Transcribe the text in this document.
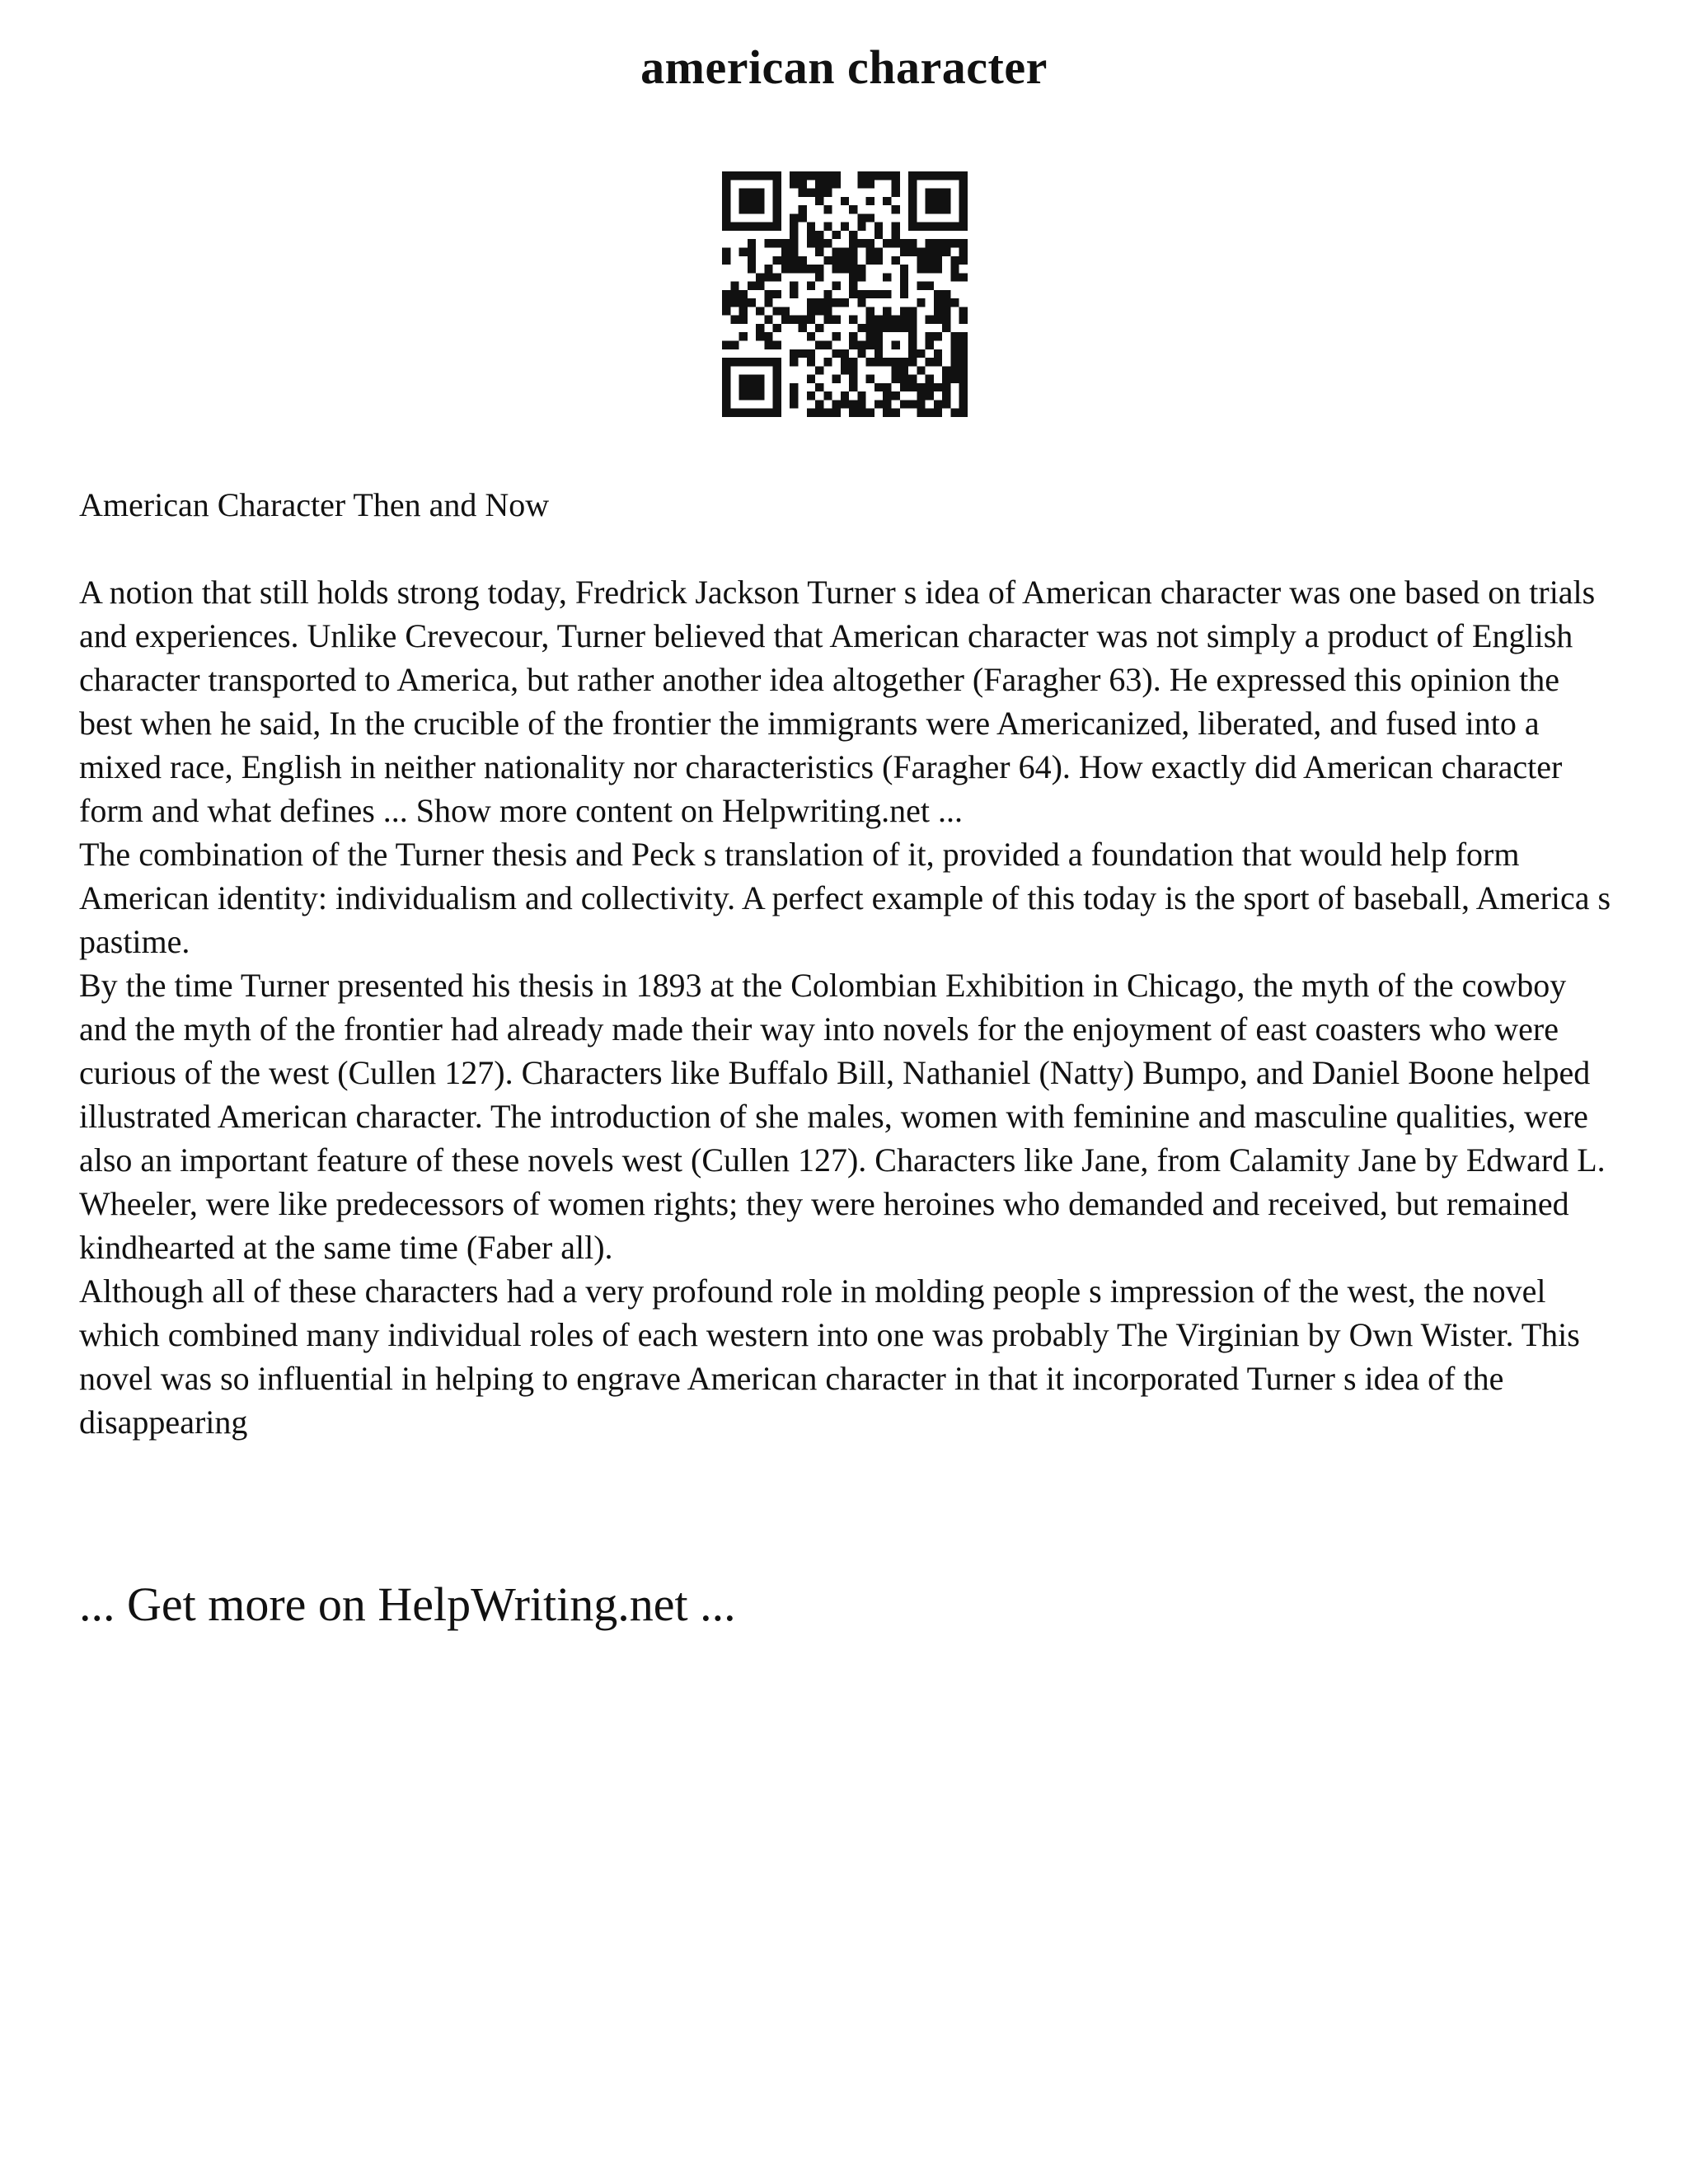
american character

American Character Then and Now

A notion that still holds strong today, Fredrick Jackson Turner s idea of American character was one based on trials and experiences. Unlike Crevecour, Turner believed that American character was not simply a product of English character transported to America, but rather another idea altogether (Faragher 63). He expressed this opinion the best when he said, In the crucible of the frontier the immigrants were Americanized, liberated, and fused into a mixed race, English in neither nationality nor characteristics (Faragher 64). How exactly did American character form and what defines ... Show more content on Helpwriting.net ...

The combination of the Turner thesis and Peck s translation of it, provided a foundation that would help form American identity: individualism and collectivity. A perfect example of this today is the sport of baseball, America s pastime.

By the time Turner presented his thesis in 1893 at the Colombian Exhibition in Chicago, the myth of the cowboy and the myth of the frontier had already made their way into novels for the enjoyment of east coasters who were curious of the west (Cullen 127). Characters like Buffalo Bill, Nathaniel (Natty) Bumpo, and Daniel Boone helped illustrated American character. The introduction of she males, women with feminine and masculine qualities, were also an important feature of these novels west (Cullen 127). Characters like Jane, from Calamity Jane by Edward L. Wheeler, were like predecessors of women rights; they were heroines who demanded and received, but remained kindhearted at the same time (Faber all).

Although all of these characters had a very profound role in molding people s impression of the west, the novel which combined many individual roles of each western into one was probably The Virginian by Own Wister. This novel was so influential in helping to engrave American character in that it incorporated Turner s idea of the disappearing

... Get more on HelpWriting.net ...
